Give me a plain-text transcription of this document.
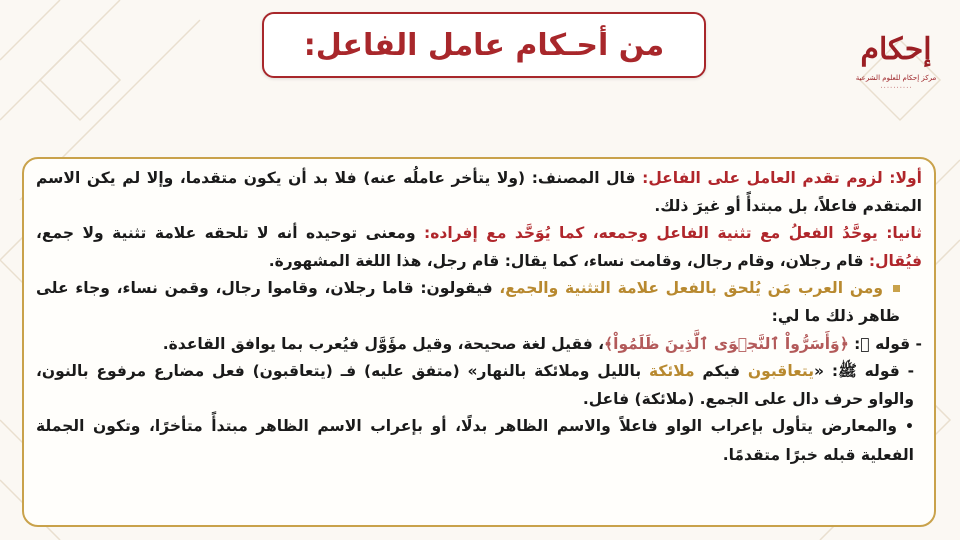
إحكام
مركز إحكام للعلوم الشرعية
٠٠٠٠٠٠٠٠٠٠
من أحـكام عامل الفاعل:

أولا: لزوم تقدم العامل على الفاعل: قال المصنف: (ولا يتأخر عاملُه عنه) فلا بد أن يكون متقدما، وإلا لم يكن الاسم المتقدم فاعلاً، بل مبتدأً أو غيرَ ذلك.

ثانيا: يوحَّدُ الفعلُ مع تثنية الفاعل وجمعه، كما يُوَحَّد مع إفراده: ومعنى توحيده أنه لا تلحقه علامة تثنية ولا جمع، فيُقال: قام رجلان، وقام رجال، وقامت نساء، كما يقال: قام رجل، هذا اللغة المشهورة.

ومن العرب مَن يُلحق بالفعل علامة التثنية والجمع، فيقولون: قاما رجلان، وقاموا رجال، وقمن نساء، وجاء على ظاهر ذلك ما لي:

- قوله ﷻ: ﴿وَأَسَرُّواْ ٱلنَّجۡوَى ٱلَّذِينَ ظَلَمُواْ﴾، فقيل لغة صحيحة، وقيل مؤَوَّل فيُعرب بما يوافق القاعدة.

- قوله ﷺ: «يتعاقبون فيكم ملائكة بالليل وملائكة بالنهار» (متفق عليه) فـ (يتعاقبون) فعل مضارع مرفوع بالنون، والواو حرف دال على الجمع. (ملائكة) فاعل.

•والمعارض يتأول بإعراب الواو فاعلاً والاسم الظاهر بدلًا، أو بإعراب الاسم الظاهر مبتدأً متأخرًا، وتكون الجملة الفعلية قبله خبرًا متقدمًا.
